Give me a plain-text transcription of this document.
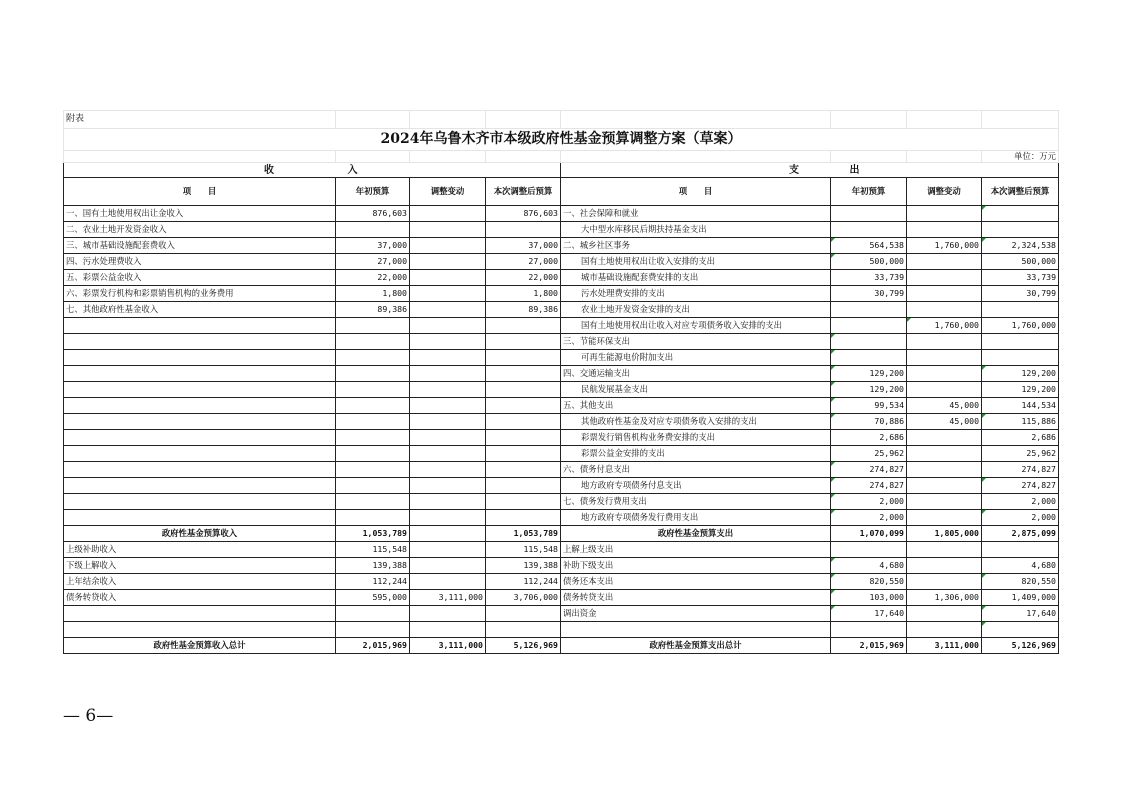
附表							
2024年乌鲁木齐市本级政府性基金预算调整方案（草案）							
							单位：万元
收 入				支 出			
项　　目	年初预算	调整变动	本次调整后预算	项　　目	年初预算	调整变动	本次调整后预算
一、国有土地使用权出让金收入	876,603		876,603	一、社会保障和就业			
二、农业土地开发资金收入				大中型水库移民后期扶持基金支出			
三、城市基础设施配套费收入	37,000		37,000	二、城乡社区事务	564,538	1,760,000	2,324,538
四、污水处理费收入	27,000		27,000	国有土地使用权出让收入安排的支出	500,000		500,000
五、彩票公益金收入	22,000		22,000	城市基础设施配套费安排的支出	33,739		33,739
六、彩票发行机构和彩票销售机构的业务费用	1,800		1,800	污水处理费安排的支出	30,799		30,799
七、其他政府性基金收入	89,386		89,386	农业土地开发资金安排的支出			
				国有土地使用权出让收入对应专项债务收入安排的支出		1,760,000	1,760,000
				三、节能环保支出			
				可再生能源电价附加支出			
				四、交通运输支出	129,200		129,200
				民航发展基金支出	129,200		129,200
				五、其他支出	99,534	45,000	144,534
				其他政府性基金及对应专项债务收入安排的支出	70,886	45,000	115,886
				彩票发行销售机构业务费安排的支出	2,686		2,686
				彩票公益金安排的支出	25,962		25,962
				六、债务付息支出	274,827		274,827
				地方政府专项债务付息支出	274,827		274,827
				七、债务发行费用支出	2,000		2,000
				地方政府专项债务发行费用支出	2,000		2,000
政府性基金预算收入	1,053,789		1,053,789	政府性基金预算支出	1,070,099	1,805,000	2,875,099
上级补助收入	115,548		115,548	上解上级支出			
下级上解收入	139,388		139,388	补助下级支出	4,680		4,680
上年结余收入	112,244		112,244	债务还本支出	820,550		820,550
债务转贷收入	595,000	3,111,000	3,706,000	债务转贷支出	103,000	1,306,000	1,409,000
				调出资金	17,640		17,640

政府性基金预算收入总计	2,015,969	3,111,000	5,126,969	政府性基金预算支出总计	2,015,969	3,111,000	5,126,969
— 6—
